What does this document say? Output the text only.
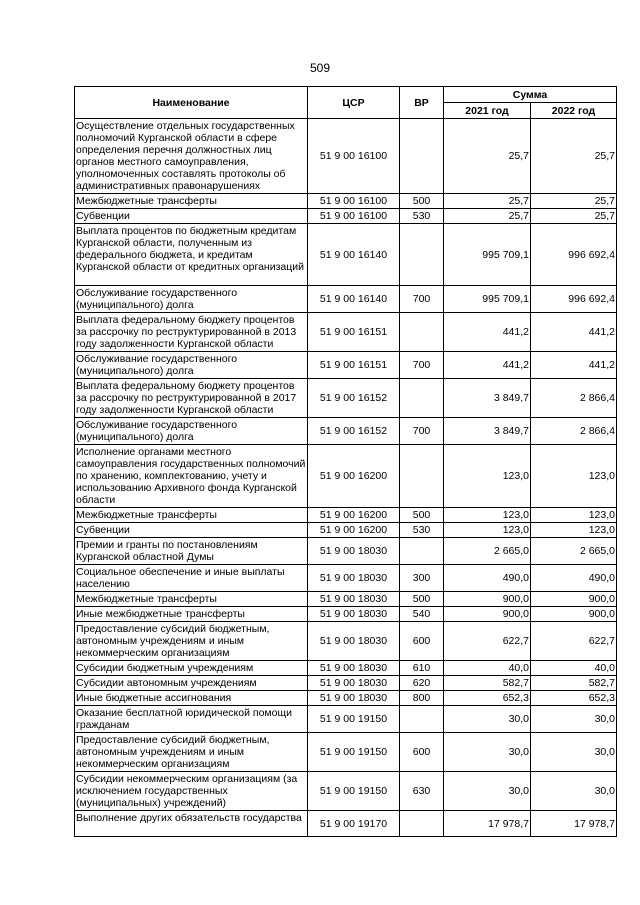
509
Наименование	ЦСР	ВР	Сумма	
			2021 год	2022 год
Осуществление отдельных государственных полномочий Курганской области в сфере определения перечня должностных лиц органов местного самоуправления, уполномоченных составлять протоколы об административных правонарушениях	51 9 00 16100		25,7	25,7
Межбюджетные трансферты	51 9 00 16100	500	25,7	25,7
Субвенции	51 9 00 16100	530	25,7	25,7
Выплата процентов по бюджетным кредитам Курганской области, полученным из федерального бюджета, и кредитам Курганской области от кредитных организаций	51 9 00 16140		995 709,1	996 692,4
Обслуживание государственного (муниципального) долга	51 9 00 16140	700	995 709,1	996 692,4
Выплата федеральному бюджету процентов за рассрочку по реструктурированной в 2013 году задолженности Курганской области	51 9 00 16151		441,2	441,2
Обслуживание государственного (муниципального) долга	51 9 00 16151	700	441,2	441,2
Выплата федеральному бюджету процентов за рассрочку по реструктурированной в 2017 году задолженности Курганской области	51 9 00 16152		3 849,7	2 866,4
Обслуживание государственного (муниципального) долга	51 9 00 16152	700	3 849,7	2 866,4
Исполнение органами местного самоуправления государственных полномочий по хранению, комплектованию, учету и использованию Архивного фонда Курганской области	51 9 00 16200		123,0	123,0
Межбюджетные трансферты	51 9 00 16200	500	123,0	123,0
Субвенции	51 9 00 16200	530	123,0	123,0
Премии и гранты по постановлениям Курганской областной Думы	51 9 00 18030		2 665,0	2 665,0
Социальное обеспечение и иные выплаты населению	51 9 00 18030	300	490,0	490,0
Межбюджетные трансферты	51 9 00 18030	500	900,0	900,0
Иные межбюджетные трансферты	51 9 00 18030	540	900,0	900,0
Предоставление субсидий бюджетным, автономным учреждениям и иным некоммерческим организациям	51 9 00 18030	600	622,7	622,7
Субсидии бюджетным учреждениям	51 9 00 18030	610	40,0	40,0
Субсидии автономным учреждениям	51 9 00 18030	620	582,7	582,7
Иные бюджетные ассигнования	51 9 00 18030	800	652,3	652,3
Оказание бесплатной юридической помощи гражданам	51 9 00 19150		30,0	30,0
Предоставление субсидий бюджетным, автономным учреждениям и иным некоммерческим организациям	51 9 00 19150	600	30,0	30,0
Субсидии некоммерческим организациям (за исключением государственных (муниципальных) учреждений)	51 9 00 19150	630	30,0	30,0
Выполнение других обязательств государства	51 9 00 19170		17 978,7	17 978,7
